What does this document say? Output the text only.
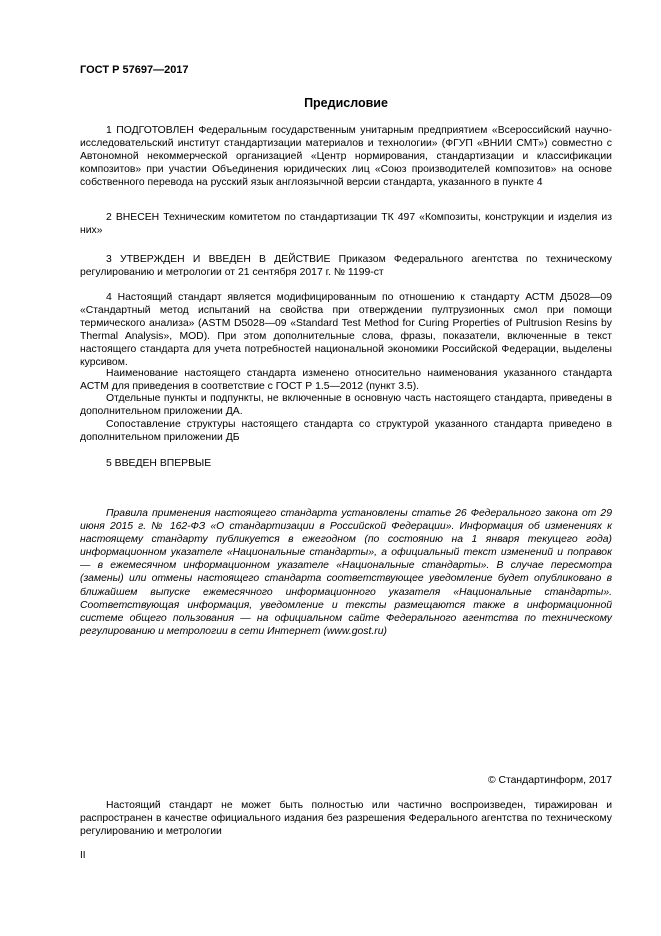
ГОСТ Р 57697—2017
Предисловие

1 ПОДГОТОВЛЕН Федеральным государственным унитарным предприятием «Всероссийский научно-исследовательский институт стандартизации материалов и технологии» (ФГУП «ВНИИ СМТ») совместно с Автономной некоммерческой организацией «Центр нормирования, стандартизации и классификации композитов» при участии Объединения юридических лиц «Союз производителей композитов» на основе собственного перевода на русский язык англоязычной версии стандарта, указанного в пункте 4

2 ВНЕСЕН Техническим комитетом по стандартизации ТК 497 «Композиты, конструкции и изделия из них»

3 УТВЕРЖДЕН И ВВЕДЕН В ДЕЙСТВИЕ Приказом Федерального агентства по техническому регулированию и метрологии от 21 сентября 2017 г. № 1199-ст

4 Настоящий стандарт является модифицированным по отношению к стандарту АСТМ Д5028—09 «Стандартный метод испытаний на свойства при отверждении пултрузионных смол при помощи термического анализа» (ASTM D5028—09 «Standard Test Method for Curing Properties of Pultrusion Resins by Thermal Analysis», MOD). При этом дополнительные слова, фразы, показатели, включенные в текст настоящего стандарта для учета потребностей национальной экономики Российской Федерации, выделены курсивом.

Наименование настоящего стандарта изменено относительно наименования указанного стандарта АСТМ для приведения в соответствие с ГОСТ Р 1.5—2012 (пункт 3.5).

Отдельные пункты и подпункты, не включенные в основную часть настоящего стандарта, приведены в дополнительном приложении ДА.

Сопоставление структуры настоящего стандарта со структурой указанного стандарта приведено в дополнительном приложении ДБ

5 ВВЕДЕН ВПЕРВЫЕ

Правила применения настоящего стандарта установлены статье 26 Федерального закона от 29 июня 2015 г. № 162-ФЗ «О стандартизации в Российской Федерации». Информация об изменениях к настоящему стандарту публикуется в ежегодном (по состоянию на 1 января текущего года) информационном указателе «Национальные стандарты», а официальный текст изменений и поправок — в ежемесячном информационном указателе «Национальные стандарты». В случае пересмотра (замены) или отмены настоящего стандарта соответствующее уведомление будет опубликовано в ближайшем выпуске ежемесячного информационного указателя «Национальные стандарты». Соответствующая информация, уведомление и тексты размещаются также в информационной системе общего пользования — на официальном сайте Федерального агентства по техническому регулированию и метрологии в сети Интернет (www.gost.ru)

© Стандартинформ, 2017

Настоящий стандарт не может быть полностью или частично воспроизведен, тиражирован и распространен в качестве официального издания без разрешения Федерального агентства по техническому регулированию и метрологии

II
